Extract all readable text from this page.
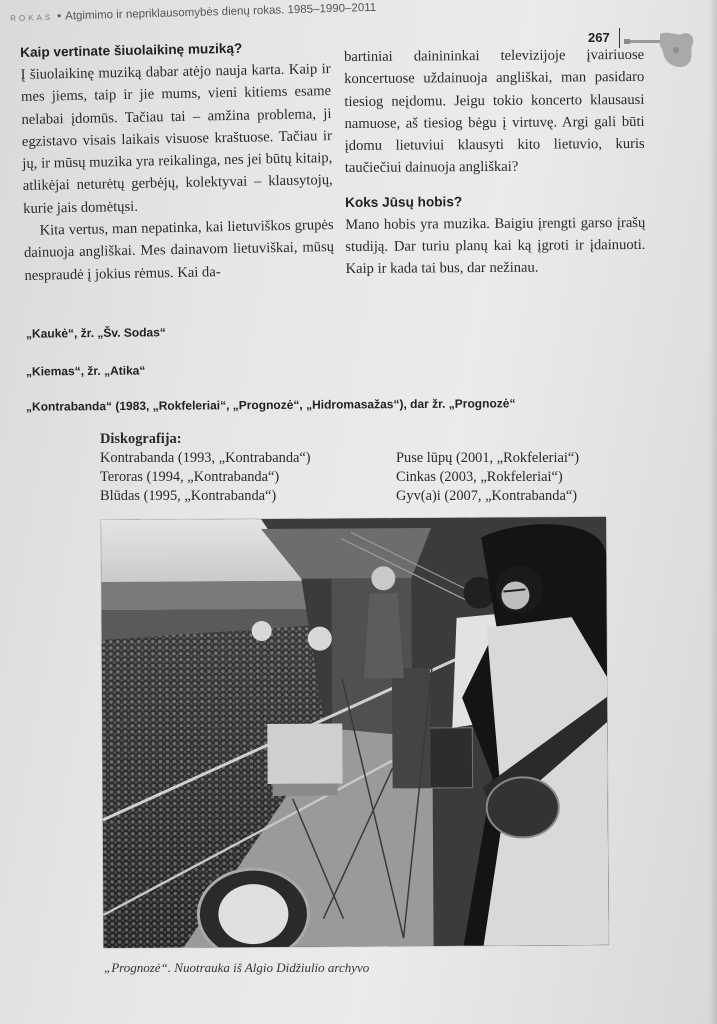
ROKAS • Atgimimo ir nepriklausomybės dienų rokas. 1985–1990–2011
267

Kaip vertinate šiuolaikinę muziką?

Į šiuolaikinę muziką dabar atėjo nauja karta. Kaip ir mes jiems, taip ir jie mums, vieni kitiems esame nelabai įdomūs. Tačiau tai – amžina problema, ji egzistavo visais laikais visuose kraštuose. Tačiau ir jų, ir mūsų muzika yra reikalinga, nes jei būtų kitaip, atlikėjai neturėtų gerbėjų, kolektyvai – klausytojų, kurie jais domėtųsi.

Kita vertus, man nepatinka, kai lietuviškos grupės dainuoja angliškai. Mes dainavom lietuviškai, mūsų nesprаudė į jokius rėmus. Kai da-

bartiniai dainininkai televizijoje įvairiuose koncertuose uždainuoja angliškai, man pasidaro tiesiog neįdomu. Jeigu tokio koncerto klausausi namuose, aš tiesiog bėgu į virtuvę. Argi gali būti įdomu lietuviui klausyti kito lietuvio, kuris taučiečiui dainuoja angliškai?

Koks Jūsų hobis?

Mano hobis yra muzika. Baigiu įrengti garso įrašų studiją. Dar turiu planų kai ką įgroti ir įdainuoti. Kaip ir kada tai bus, dar nežinau.

„Kaukė“, žr. „Šv. Sodas“
„Kiemas“, žr. „Atika“
„Kontrabanda“ (1983, „Rokfeleriai“, „Prognozė“, „Hidromasažas“), dar žr. „Prognozė“

Diskografija:

Kontrabanda (1993, „Kontrabanda“)
Teroras (1994, „Kontrabanda“)
Blūdas (1995, „Kontrabanda“)
Puse lūpų (2001, „Rokfeleriai“)
Cinkas (2003, „Rokfeleriai“)
Gyv(a)i (2007, „Kontrabanda“)
„Prognozė“. Nuotrauka iš Algio Didžiulio archyvo
